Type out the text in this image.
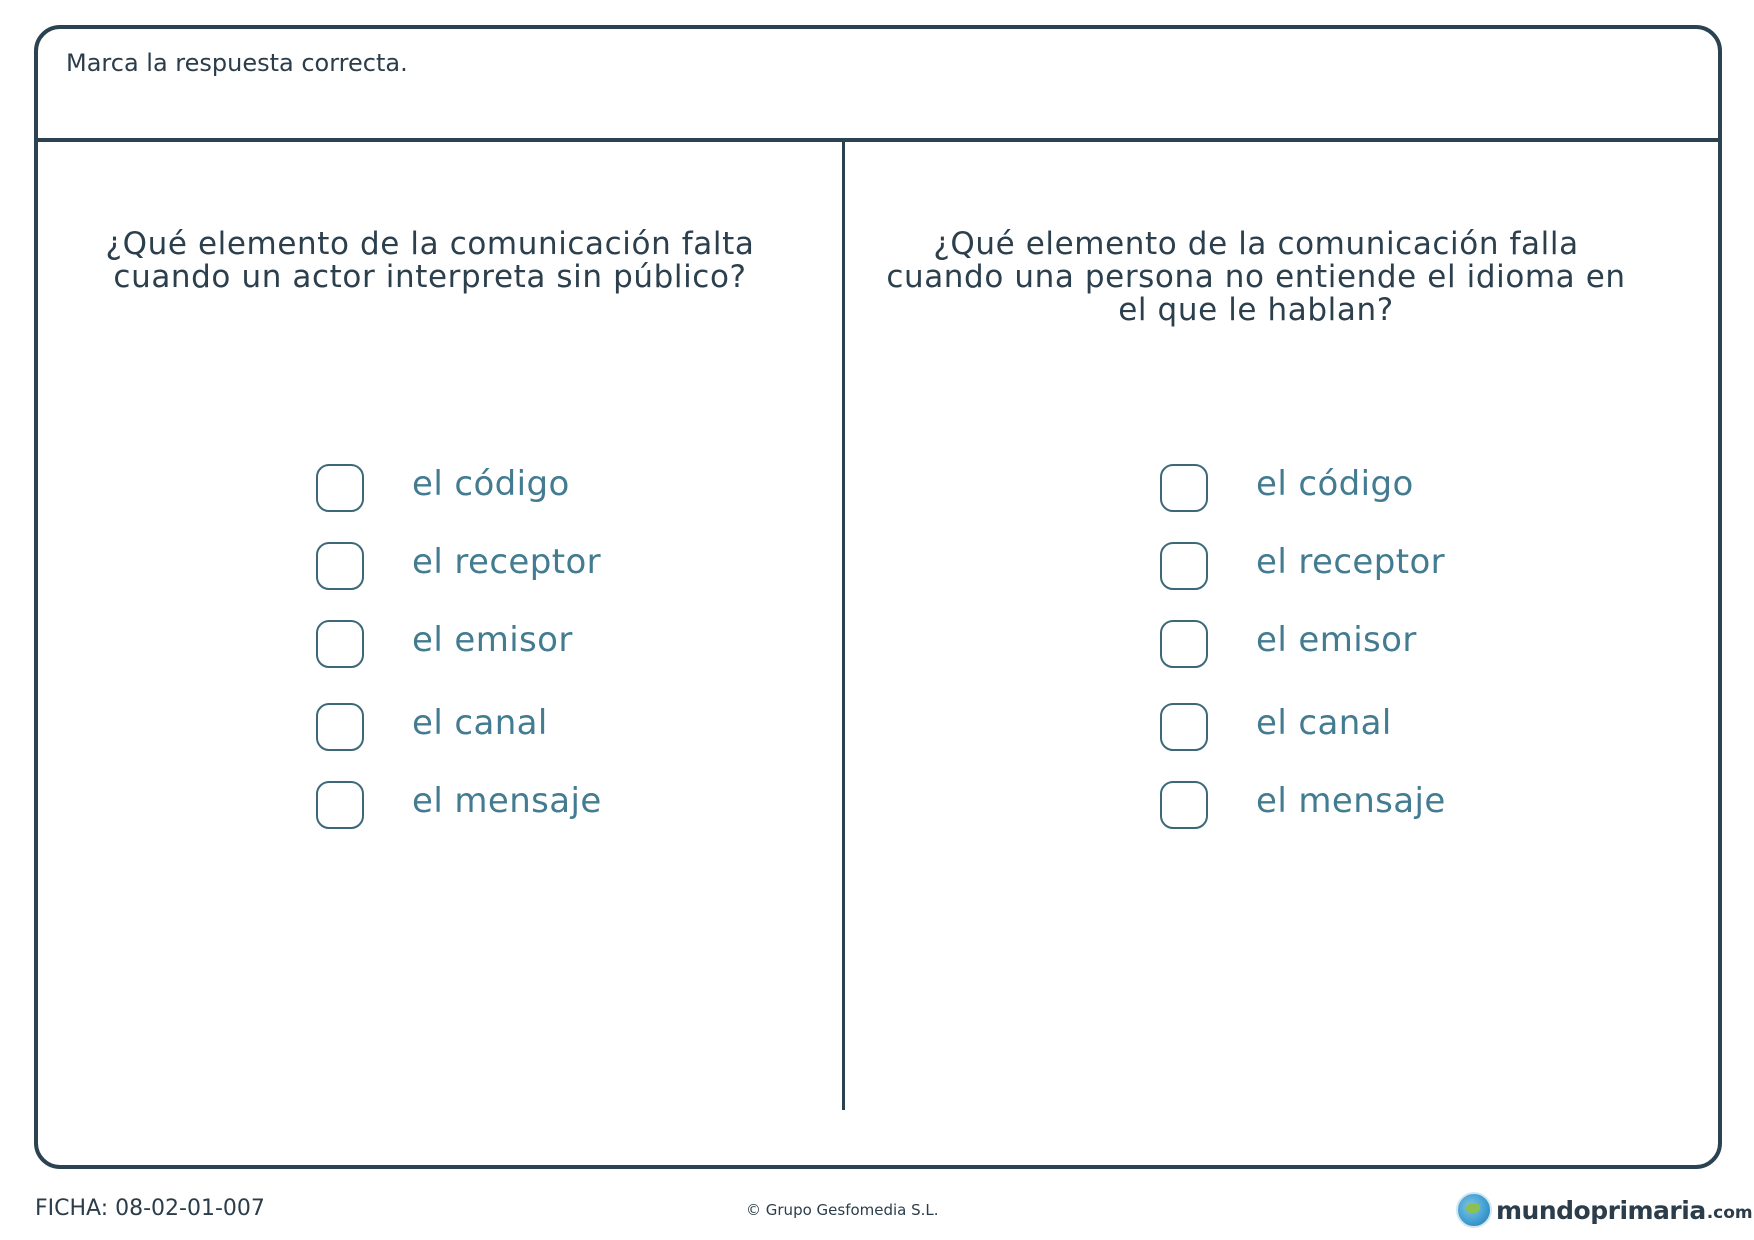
Marca la respuesta correcta.
¿Qué elemento de la comunicación falta
cuando un actor interpreta sin público?
el código
el receptor
el emisor
el canal
el mensaje
¿Qué elemento de la comunicación falla
cuando una persona no entiende el idioma en
el que le hablan?
el código
el receptor
el emisor
el canal
el mensaje
FICHA: 08-02-01-007	© Grupo Gesfomedia S.L.	mundoprimaria .com
